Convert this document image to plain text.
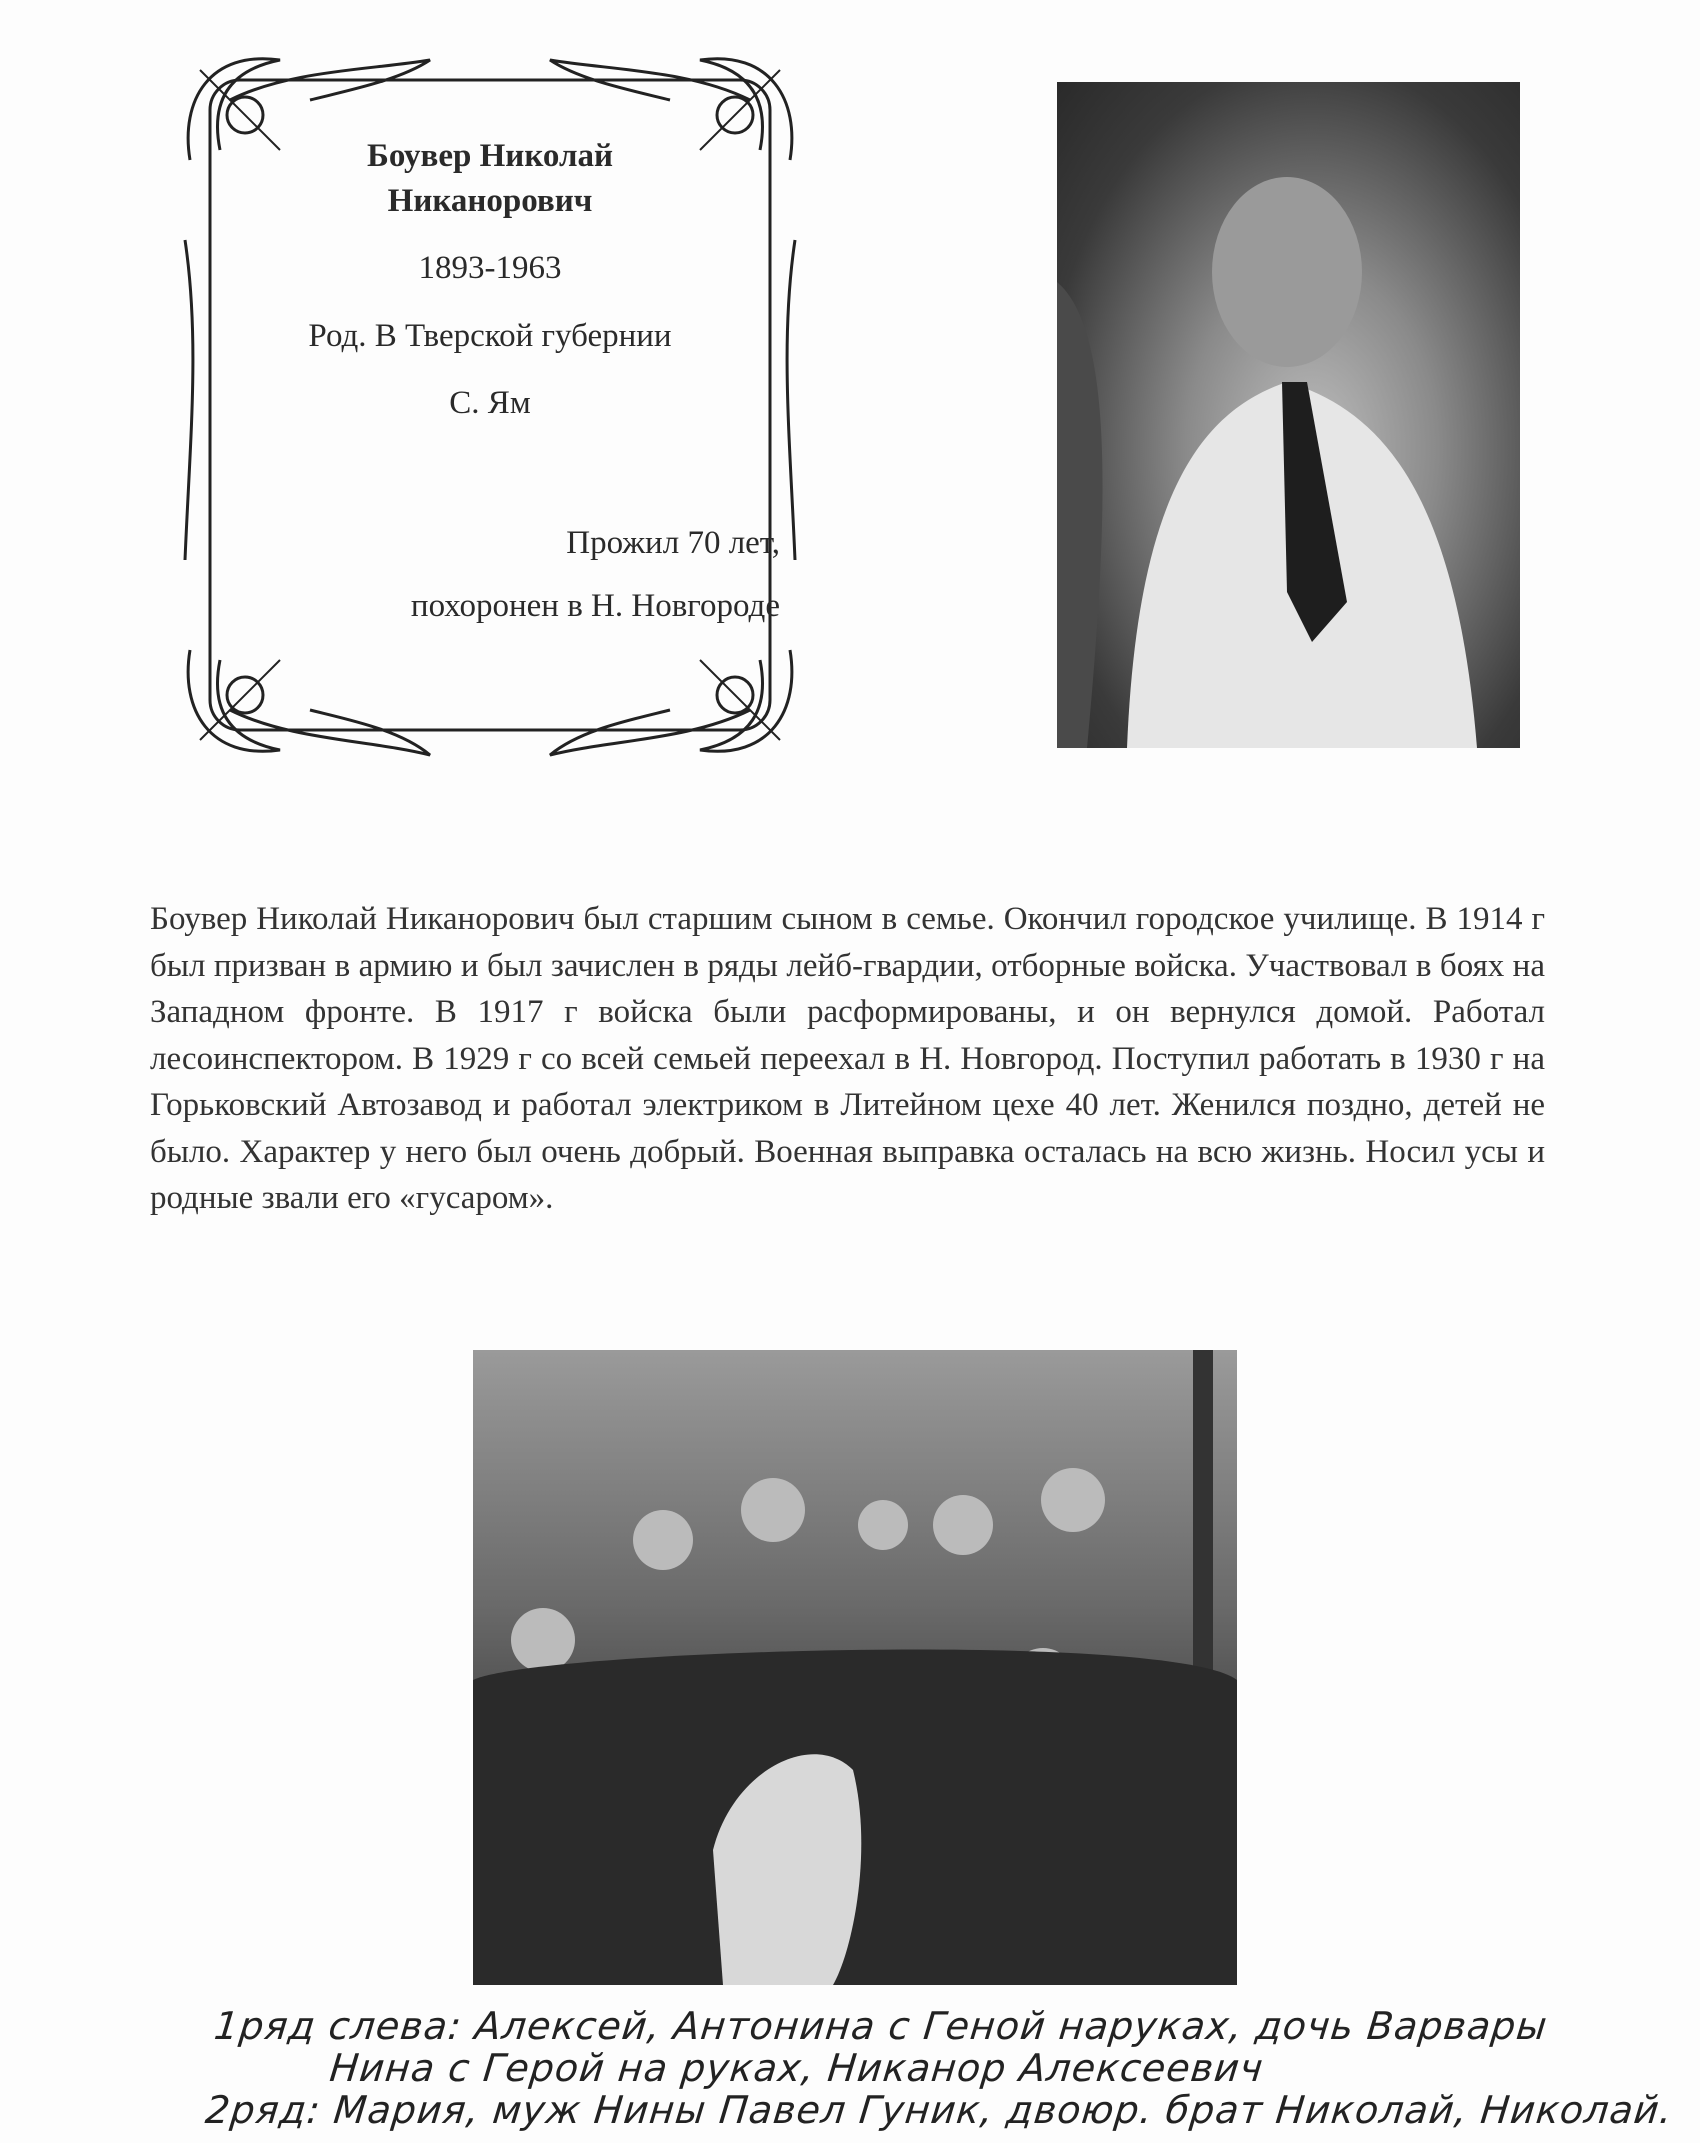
Боувер Николай
Никанорович
1893-1963
Род. В Тверской губернии
С. Ям
Прожил 70 лет,
похоронен в Н. Новгороде
Боувер Николай Никанорович был старшим сыном в семье. Окончил городское училище. В 1914 г был призван в армию и был зачислен в ряды лейб-гвардии, отборные войска. Участвовал в боях на Западном фронте. В 1917 г войска были расформированы, и он вернулся домой. Работал лесоинспектором. В 1929 г со всей семьей переехал в Н. Новгород. Поступил работать в 1930 г на Горьковский Автозавод и работал электриком в Литейном цехе 40 лет. Женился поздно, детей не было. Характер у него был очень добрый. Военная выправка осталась на всю жизнь. Носил усы и родные звали его «гусаром».
1ряд слева: Алексей, Антонина с Геной наруках, дочь Варвары
Нина с Герой на руках, Никанор Алексеевич
2ряд: Мария, муж Нины Павел Гуник, двоюр. брат Николай, Николай.
